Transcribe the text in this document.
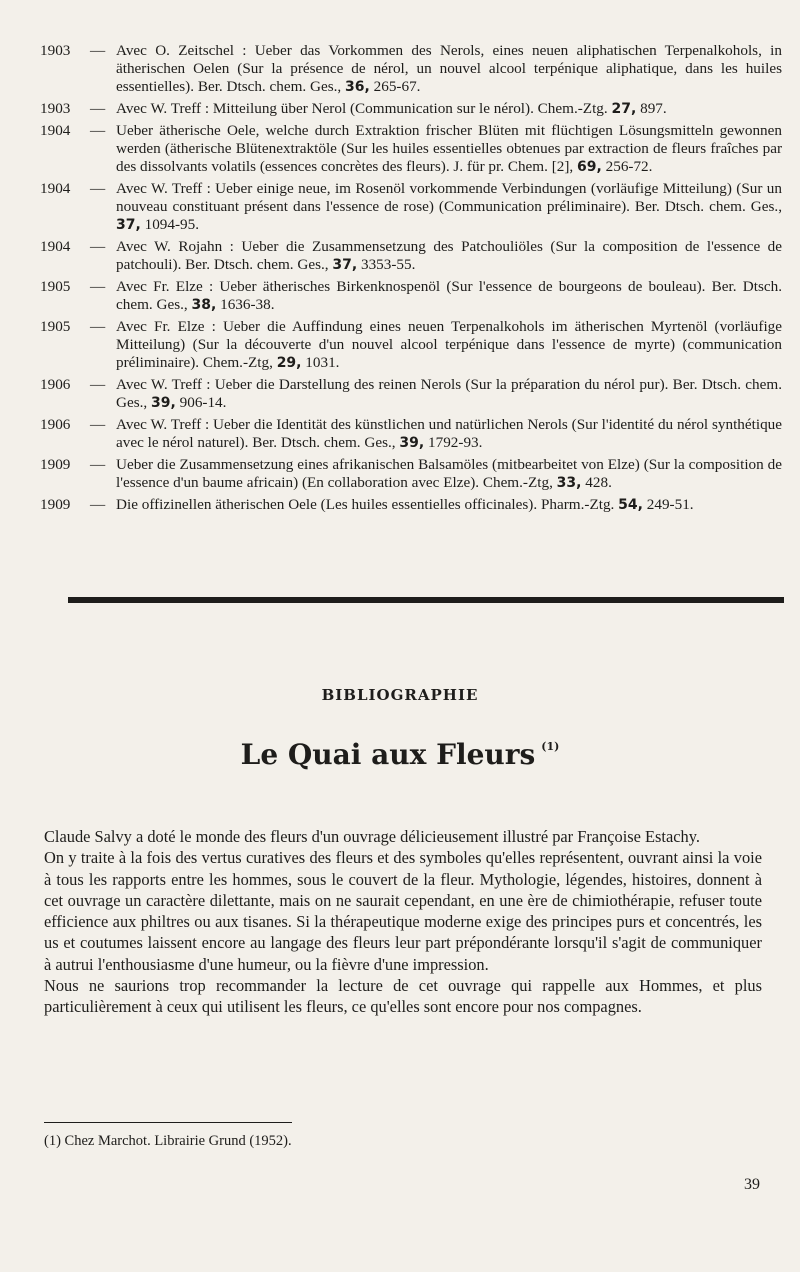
1903	— Avec O. Zeitschel : Ueber das Vorkommen des Nerols, eines neuen aliphatischen Terpenalkohols, in ätherischen Oelen (Sur la présence de nérol, un nouvel alcool terpénique aliphatique, dans les huiles essentielles). Ber. Dtsch. chem. Ges., 36, 265-67.
1903	— Avec W. Treff : Mitteilung über Nerol (Communication sur le nérol). Chem.-Ztg. 27, 897.
1904	— Ueber ätherische Oele, welche durch Extraktion frischer Blüten mit flüchtigen Lösungsmitteln gewonnen werden (ätherische Blütenextraktöle (Sur les huiles essentielles obtenues par extraction de fleurs fraîches par des dissolvants volatils (essences concrètes des fleurs). J. für pr. Chem. [2], 69, 256-72.
1904	— Avec W. Treff : Ueber einige neue, im Rosenöl vorkommende Verbindungen (vorläufige Mitteilung) (Sur un nouveau constituant présent dans l'essence de rose) (Communication préliminaire). Ber. Dtsch. chem. Ges., 37, 1094-95.
1904	— Avec W. Rojahn : Ueber die Zusammensetzung des Patchouliöles (Sur la composition de l'essence de patchouli). Ber. Dtsch. chem. Ges., 37, 3353-55.
1905	— Avec Fr. Elze : Ueber ätherisches Birkenknospenöl (Sur l'essence de bourgeons de bouleau). Ber. Dtsch. chem. Ges., 38, 1636-38.
1905	— Avec Fr. Elze : Ueber die Auffindung eines neuen Terpenalkohols im ätherischen Myrtenöl (vorläufige Mitteilung) (Sur la découverte d'un nouvel alcool terpénique dans l'essence de myrte) (communication préliminaire). Chem.-Ztg, 29, 1031.
1906	— Avec W. Treff : Ueber die Darstellung des reinen Nerols (Sur la préparation du nérol pur). Ber. Dtsch. chem. Ges., 39, 906-14.
1906	— Avec W. Treff : Ueber die Identität des künstlichen und natürlichen Nerols (Sur l'identité du nérol synthétique avec le nérol naturel). Ber. Dtsch. chem. Ges., 39, 1792-93.
1909	— Ueber die Zusammensetzung eines afrikanischen Balsamöles (mitbearbeitet von Elze) (Sur la composition de l'essence d'un baume africain) (En collaboration avec Elze). Chem.-Ztg, 33, 428.
1909	— Die offizinellen ätherischen Oele (Les huiles essentielles officinales). Pharm.-Ztg. 54, 249-51.
BIBLIOGRAPHIE
Le Quai aux Fleurs $^{(1)}$

Claude Salvy a doté le monde des fleurs d'un ouvrage délicieusement illustré par Françoise Estachy.

On y traite à la fois des vertus curatives des fleurs et des symboles qu'elles représentent, ouvrant ainsi la voie à tous les rapports entre les hommes, sous le couvert de la fleur. Mythologie, légendes, histoires, donnent à cet ouvrage un caractère dilettante, mais on ne saurait cependant, en une ère de chimiothérapie, refuser toute efficience aux philtres ou aux tisanes. Si la thérapeutique moderne exige des principes purs et concentrés, les us et coutumes laissent encore au langage des fleurs leur part prépondérante lorsqu'il s'agit de communiquer à autrui l'enthousiasme d'une humeur, ou la fièvre d'une impression.

Nous ne saurions trop recommander la lecture de cet ouvrage qui rappelle aux Hommes, et plus particulièrement à ceux qui utilisent les fleurs, ce qu'elles sont encore pour nos compagnes.

(1) Chez Marchot. Librairie Grund (1952).
39
